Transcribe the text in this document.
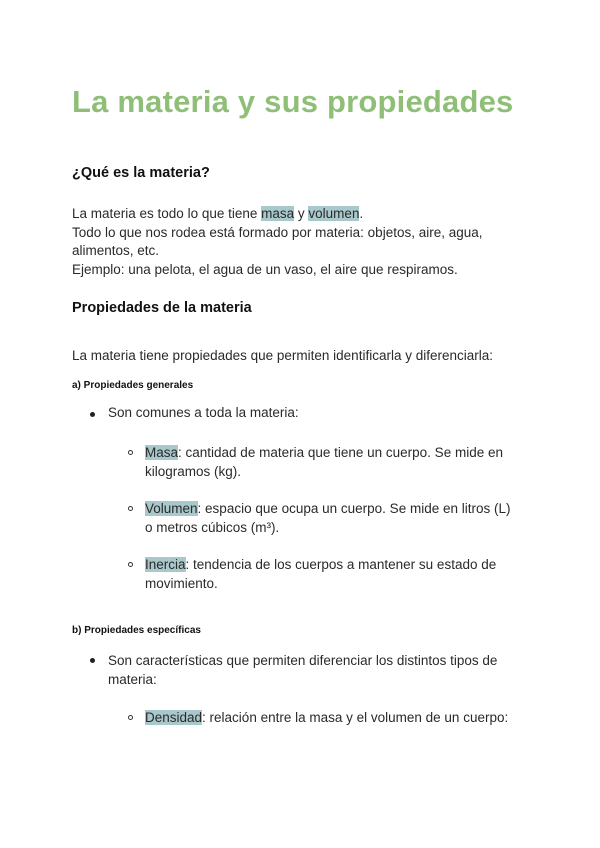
La materia y sus propiedades
¿Qué es la materia?
La materia es todo lo que tiene masa y volumen.
Todo lo que nos rodea está formado por materia: objetos, aire, agua,
alimentos, etc.
Ejemplo: una pelota, el agua de un vaso, el aire que respiramos.
Propiedades de la materia
La materia tiene propiedades que permiten identificarla y diferenciarla:
a) Propiedades generales
Son comunes a toda la materia:
Masa: cantidad de materia que tiene un cuerpo. Se mide en
kilogramos (kg).
Volumen: espacio que ocupa un cuerpo. Se mide en litros (L)
o metros cúbicos (m³).
Inercia: tendencia de los cuerpos a mantener su estado de
movimiento.
b) Propiedades específicas
Son características que permiten diferenciar los distintos tipos de
materia:
Densidad: relación entre la masa y el volumen de un cuerpo:
